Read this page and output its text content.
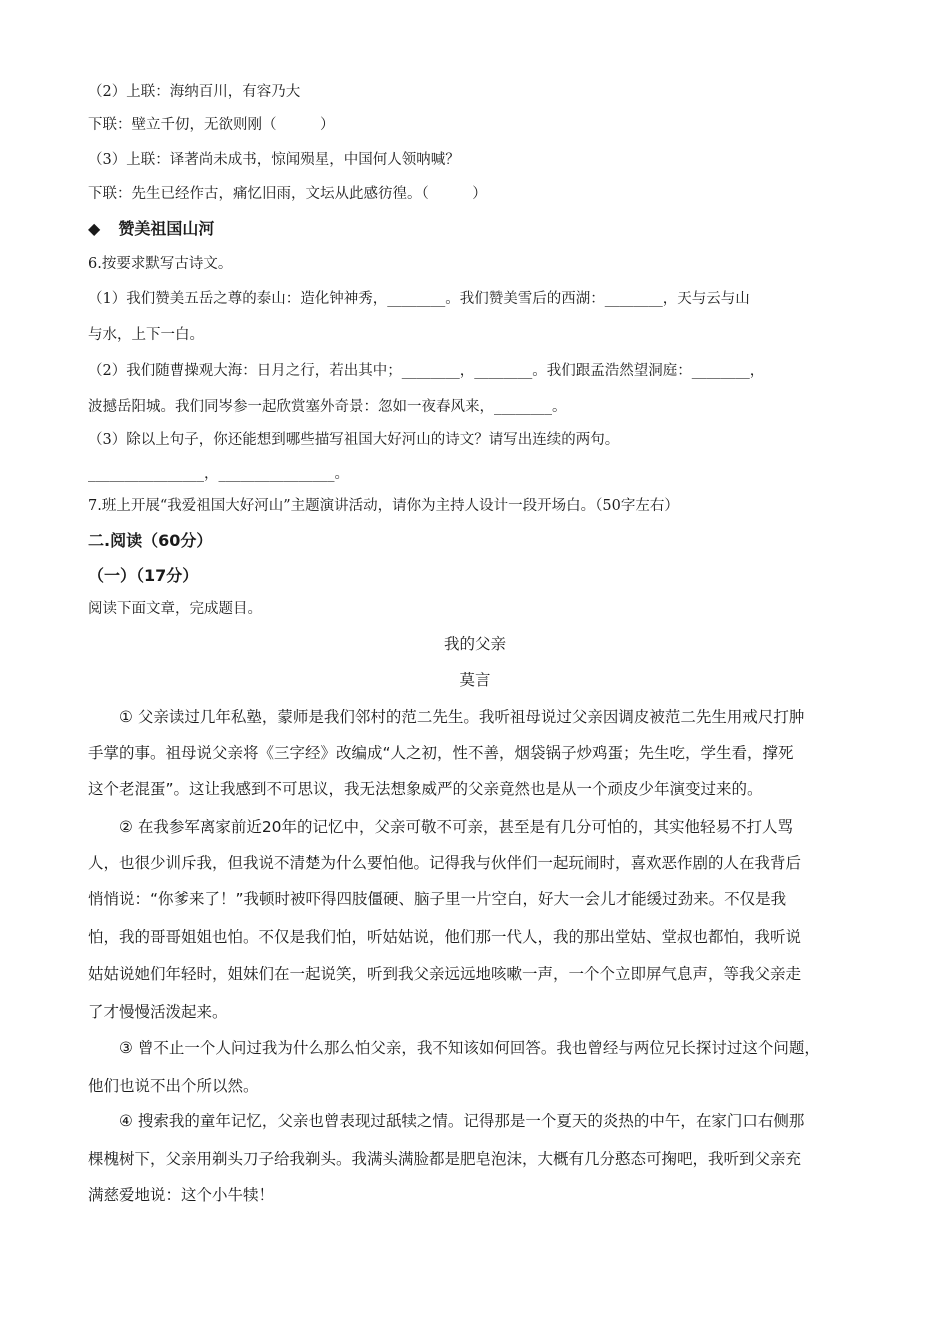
（2）上联：海纳百川，有容乃大
下联：壁立千仞，无欲则刚（　　　）
（3）上联：译著尚未成书，惊闻殒星，中国何人领呐喊？
下联：先生已经作古，痛忆旧雨，文坛从此感彷徨。（　　　）
◆ 赞美祖国山河
6.按要求默写古诗文。
（1）我们赞美五岳之尊的泰山：造化钟神秀，________。我们赞美雪后的西湖：________，天与云与山
与水，上下一白。
（2）我们随曹操观大海：日月之行，若出其中；________，________。我们跟孟浩然望洞庭：________，
波撼岳阳城。我们同岑参一起欣赏塞外奇景：忽如一夜春风来，________。
（3）除以上句子，你还能想到哪些描写祖国大好河山的诗文？请写出连续的两句。
________________，________________。
7.班上开展“我爱祖国大好河山”主题演讲活动，请你为主持人设计一段开场白。（50字左右）
二.阅读（60分）
（一）（17分）
阅读下面文章，完成题目。
我的父亲
莫言
① 父亲读过几年私塾，蒙师是我们邻村的范二先生。我听祖母说过父亲因调皮被范二先生用戒尺打肿
手掌的事。祖母说父亲将《三字经》改编成“人之初，性不善，烟袋锅子炒鸡蛋；先生吃，学生看，撑死
这个老混蛋”。这让我感到不可思议，我无法想象威严的父亲竟然也是从一个顽皮少年演变过来的。
② 在我参军离家前近20年的记忆中，父亲可敬不可亲，甚至是有几分可怕的，其实他轻易不打人骂
人，也很少训斥我，但我说不清楚为什么要怕他。记得我与伙伴们一起玩闹时，喜欢恶作剧的人在我背后
悄悄说：“你爹来了！”我顿时被吓得四肢僵硬、脑子里一片空白，好大一会儿才能缓过劲来。不仅是我
怕，我的哥哥姐姐也怕。不仅是我们怕，听姑姑说，他们那一代人，我的那出堂姑、堂叔也都怕，我听说
姑姑说她们年轻时，姐妹们在一起说笑，听到我父亲远远地咳嗽一声，一个个立即屏气息声，等我父亲走
了才慢慢活泼起来。
③ 曾不止一个人问过我为什么那么怕父亲，我不知该如何回答。我也曾经与两位兄长探讨过这个问题，
他们也说不出个所以然。
④ 搜索我的童年记忆，父亲也曾表现过舐犊之情。记得那是一个夏天的炎热的中午，在家门口右侧那
棵槐树下，父亲用剃头刀子给我剃头。我满头满脸都是肥皂泡沫，大概有几分憨态可掬吧，我听到父亲充
满慈爱地说：这个小牛犊！
